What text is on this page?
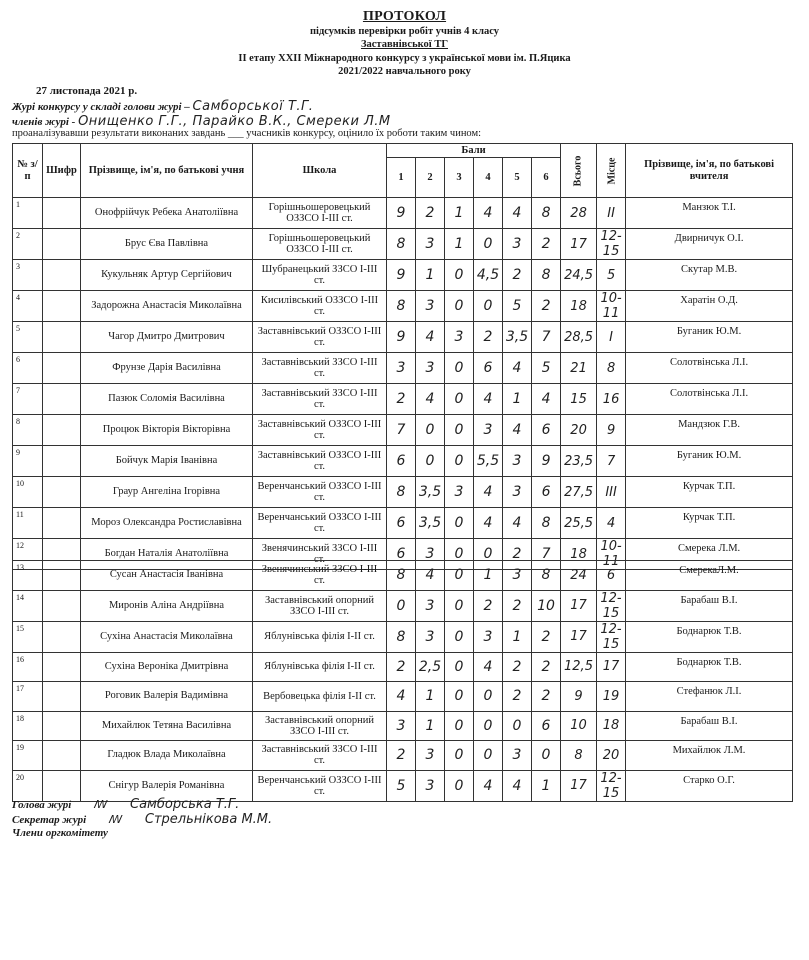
ПРОТОКОЛ
підсумків перевірки робіт учнів 4 класу
Заставнівської ТГ
II етапу XXII Міжнародного конкурсу з української мови ім. П.Яцика
2021/2022 навчального року
27 листопада 2021 р.
Журі конкурсу у складі голови журі – Самборської Т.Г.
членів журі - Онищенко Г.Г., Парайко В.К., Смереки Л.М
проаналізувавши результати виконаних завдань ___ учасників конкурсу, оцінило їх роботи таким чином:
№ з/п	Шифр	Прізвище, ім'я, по батькові учня	Школа	Бали						Всього	Місце	Прізвище, ім'я, по батькові вчителя
				1	2	3	4	5	6			
1		Онофрійчук Ребека Анатоліївна	Горішньошеровецький ОЗЗСО І-ІІІ ст.	9	2	1	4	4	8	28	II	Манзюк Т.І.
2		Брус Єва Павлівна	Горішньошеровецький ОЗЗСО І-ІІІ ст.	8	3	1	0	3	2	17	12-15	Двирничук О.І.
3		Кукульняк Артур Сергійович	Шубранецький ЗЗСО І-ІІІ ст.	9	1	0	4,5	2	8	24,5	5	Скутар М.В.
4		Задорожна Анастасія Миколаївна	Кисилівський ОЗЗСО І-ІІІ ст.	8	3	0	0	5	2	18	10-11	Харатін О.Д.
5		Чагор Дмитро Дмитрович	Заставнівський ОЗЗСО І-ІІІ ст.	9	4	3	2	3,5	7	28,5	I	Буганик Ю.М.
6		Фрунзе Дарія Василівна	Заставнівський ЗЗСО І-ІІІ ст.	3	3	0	6	4	5	21	8	Солотвінська Л.І.
7		Пазюк Соломія Василівна	Заставнівський ЗЗСО І-ІІІ ст.	2	4	0	4	1	4	15	16	Солотвінська Л.І.
8		Процюк Вікторія Вікторівна	Заставнівський ОЗЗСО І-ІІІ ст.	7	0	0	3	4	6	20	9	Мандзюк Г.В.
9		Бойчук Марія Іванівна	Заставнівський ОЗЗСО І-ІІІ ст.	6	0	0	5,5	3	9	23,5	7	Буганик Ю.М.
10		Граур Ангеліна Ігорівна	Веренчанський ОЗЗСО І-ІІІ ст.	8	3,5	3	4	3	6	27,5	III	Курчак Т.П.
11		Мороз Олександра Ростиславівна	Веренчанський ОЗЗСО І-ІІІ ст.	6	3,5	0	4	4	8	25,5	4	Курчак Т.П.
12		Богдан Наталія Анатоліївна	Звенячинський ЗЗСО І-ІІІ ст.	6	3	0	0	2	7	18	10-11	Смерека Л.М.
13		Сусан Анастасія Іванівна	Звенячинський ЗЗСО І-ІІІ ст.	8	4	0	1	3	8	24	6	СмерекаЛ.М.
14		Миронів Аліна Андріївна	Заставнівський опорний ЗЗСО І-ІІІ ст.	0	3	0	2	2	10	17	12-15	Барабаш В.І.
15		Сухіна Анастасія Миколаївна	Яблунівська філія І-ІІ ст.	8	3	0	3	1	2	17	12-15	Боднарюк Т.В.
16		Сухіна Вероніка Дмитрівна	Яблунівська філія І-ІІ ст.	2	2,5	0	4	2	2	12,5	17	Боднарюк Т.В.
17		Роговик Валерія Вадимівна	Вербовецька філія І-ІІ ст.	4	1	0	0	2	2	9	19	Стефанюк Л.І.
18		Михайлюк Тетяна Василівна	Заставнівський опорний ЗЗСО І-ІІІ ст.	3	1	0	0	0	6	10	18	Барабаш В.І.
19		Гладюк Влада Миколаївна	Заставнівський ЗЗСО І-ІІІ ст.	2	3	0	0	3	0	8	20	Михайлюк Л.М.
20		Снігур Валерія Романівна	Веренчанський ОЗЗСО І-ІІІ ст.	5	3	0	4	4	1	17	12-15	Старко О.Г.
Голова журі ꟿ Самборська Т.Г.
Секретар журі ꟿ Стрельнікова М.М.
Члени оргкомітету
